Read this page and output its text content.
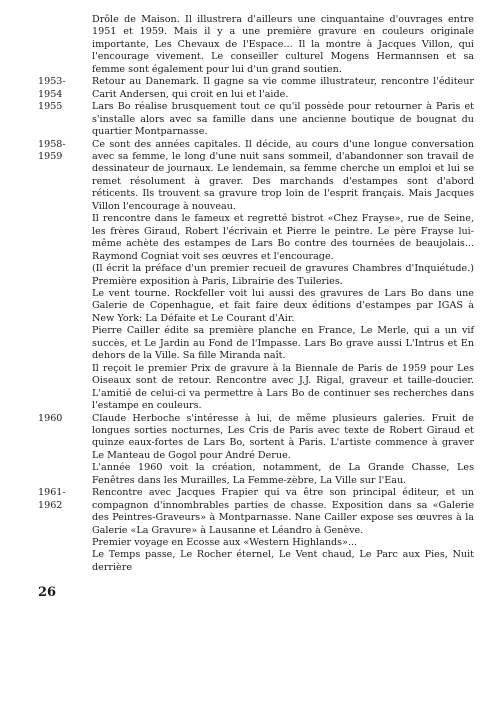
Drôle de Maison. Il illustrera d'ailleurs une cinquantaine d'ouvrages entre 1951 et 1959. Mais il y a une première gravure en couleurs originale importante, Les Chevaux de l'Espace... Il la montre à Jacques Villon, qui l'encourage vivement. Le conseiller culturel Mogens Hermannsen et sa femme sont également pour lui d'un grand soutien.

1953-
1954

Retour au Danemark. Il gagne sa vie comme illustrateur, rencontre l'éditeur Carit Andersen, qui croit en lui et l'aide.

1955	Lars Bo réalise brusquement tout ce qu'il possède pour retourner à Paris et s'installe alors avec sa famille dans une ancienne boutique de bougnat du quartier Montparnasse.

1958-
1959

Ce sont des années capitales. Il décide, au cours d'une longue conversation avec sa femme, le long d'une nuit sans sommeil, d'abandonner son travail de dessinateur de journaux. Le lendemain, sa femme cherche un emploi et lui se remet résolument à graver. Des marchands d'estampes sont d'abord réticents. Ils trouvent sa gravure trop loin de l'esprit français. Mais Jacques Villon l'encourage à nouveau.

Il rencontre dans le fameux et regretté bistrot «Chez Frayse», rue de Seine, les frères Giraud, Robert l'écrivain et Pierre le peintre. Le père Frayse lui-même achète des estampes de Lars Bo contre des tournées de beaujolais... Raymond Cogniat voit ses œuvres et l'encourage.

(Il écrit la préface d'un premier recueil de gravures Chambres d'Inquiétude.) Première exposition à Paris, Librairie des Tuileries.

Le vent tourne. Rockfeller voit lui aussi des gravures de Lars Bo dans une Galerie de Copenhague, et fait faire deux éditions d'estampes par IGAS à New York: La Défaite et Le Courant d'Air.

Pierre Cailler édite sa première planche en France, Le Merle, qui a un vif succès, et Le Jardin au Fond de l'Impasse. Lars Bo grave aussi L'Intrus et En dehors de la Ville. Sa fille Miranda naît.

Il reçoit le premier Prix de gravure à la Biennale de Paris de 1959 pour Les Oiseaux sont de retour. Rencontre avec J.J. Rigal, graveur et taille-doucier. L'amitié de celui-ci va permettre à Lars Bo de continuer ses recherches dans l'estampe en couleurs.

1960	Claude Herboche s'intéresse à lui, de même plusieurs galeries. Fruit de longues sorties nocturnes, Les Cris de Paris avec texte de Robert Giraud et quinze eaux-fortes de Lars Bo, sortent à Paris. L'artiste commence à graver Le Manteau de Gogol pour André Derue.

L'année 1960 voit la création, notamment, de La Grande Chasse, Les Fenêtres dans les Murailles, La Femme-zèbre, La Ville sur l'Eau.

1961-
1962

Rencontre avec Jacques Frapier qui va être son principal éditeur, et un compagnon d'innombrables parties de chasse. Exposition dans sa «Galerie des Peintres-Graveurs» à Montparnasse. Nane Cailler expose ses œuvres à la Galerie «La Gravure» à Lausanne et Léandro à Genève.

Premier voyage en Ecosse aux «Western Highlands»...

Le Temps passe, Le Rocher éternel, Le Vent chaud, Le Parc aux Pies, Nuit derrière

26
